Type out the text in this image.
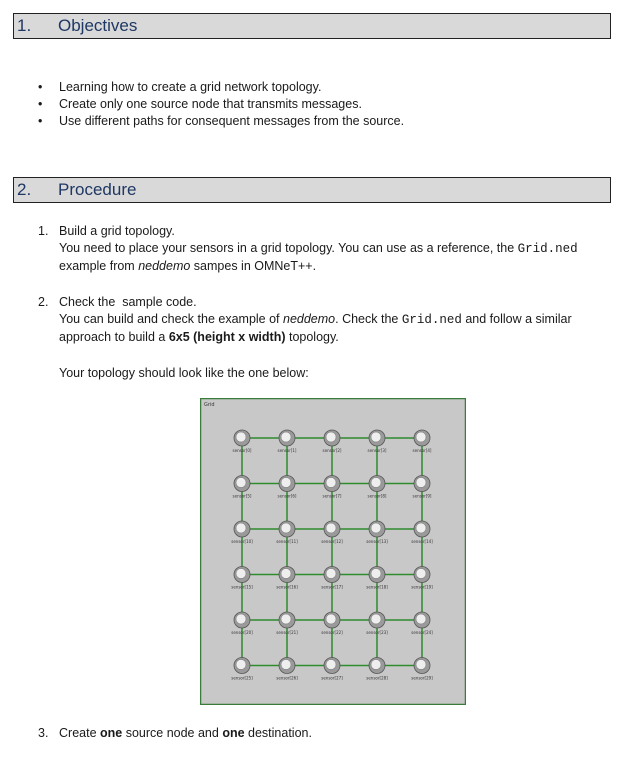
1. Objectives
• Learning how to create a grid network topology.
• Create only one source node that transmits messages.
• Use different paths for consequent messages from the source.
2. Procedure
1. Build a grid topology.
You need to place your sensors in a grid topology. You can use as a reference, the Grid.ned
example from neddemo sampes in OMNeT++.
2. Check the  sample code.
You can build and check the example of neddemo. Check the Grid.ned and follow a similar
approach to build a 6x5 (height x width) topology.
Your topology should look like the one below:
Grid
sensor[0]	sensor[1]	sensor[2]	sensor[3]	sensor[4]
sensor[5]	sensor[6]	sensor[7]	sensor[8]	sensor[9]
sensor[10]	sensor[11]	sensor[12]	sensor[13]	sensor[14]
sensor[15]	sensor[16]	sensor[17]	sensor[18]	sensor[19]
sensor[20]	sensor[21]	sensor[22]	sensor[23]	sensor[24]
sensor[25]	sensor[26]	sensor[27]	sensor[28]	sensor[29]
3. Create one source node and one destination.
